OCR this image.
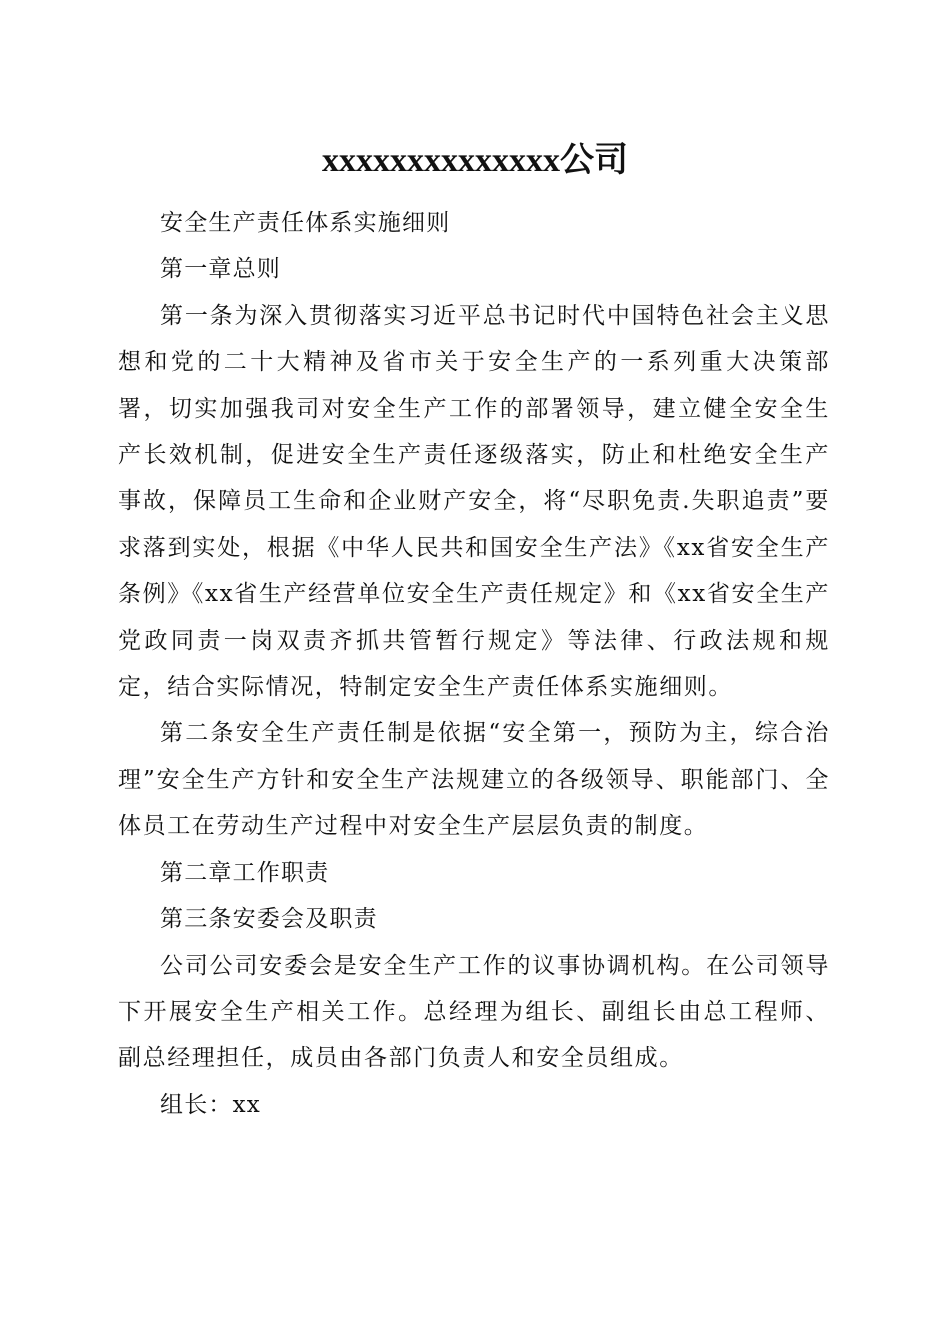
xxxxxxxxxxxxxx公司

安全生产责任体系实施细则

第一章总则

第一条为深入贯彻落实习近平总书记时代中国特色社会主义思想和党的二十大精神及省市关于安全生产的一系列重大决策部署，切实加强我司对安全生产工作的部署领导，建立健全安全生产长效机制，促进安全生产责任逐级落实，防止和杜绝安全生产事故，保障员工生命和企业财产安全，将“尽职免责.失职追责”要求落到实处，根据《中华人民共和国安全生产法》《xx省安全生产条例》《xx省生产经营单位安全生产责任规定》和《xx省安全生产党政同责一岗双责齐抓共管暂行规定》等法律、行政法规和规定，结合实际情况，特制定安全生产责任体系实施细则。

第二条安全生产责任制是依据“安全第一，预防为主，综合治理”安全生产方针和安全生产法规建立的各级领导、职能部门、全体员工在劳动生产过程中对安全生产层层负责的制度。

第二章工作职责

第三条安委会及职责

公司公司安委会是安全生产工作的议事协调机构。在公司领导下开展安全生产相关工作。总经理为组长、副组长由总工程师、副总经理担任，成员由各部门负责人和安全员组成。

组长：xx
